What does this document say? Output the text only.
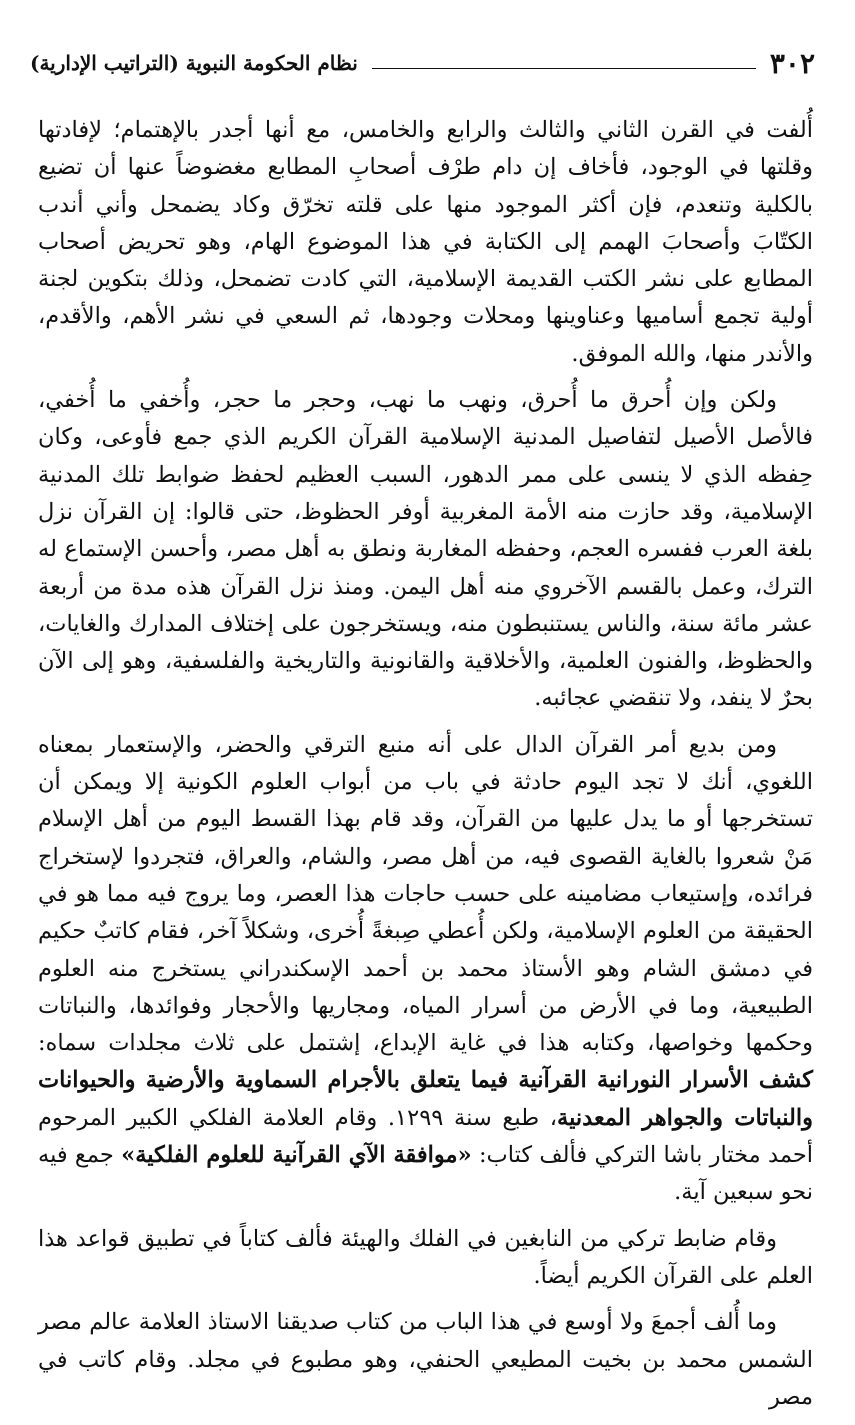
٣٠٢
نظام الحكومة النبوية (التراتيب الإدارية)

أُلفت في القرن الثاني والثالث والرابع والخامس، مع أنها أجدر بالإهتمام؛ لإفادتها وقلتها في الوجود، فأخاف إن دام طرْف أصحابِ المطابع مغضوضاً عنها أن تضيع بالكلية وتنعدم، فإن أكثر الموجود منها على قلته تخرّق وكاد يضمحل وأني أندب الكتّابَ وأصحابَ الهمم إلى الكتابة في هذا الموضوع الهام، وهو تحريض أصحاب المطابع على نشر الكتب القديمة الإسلامية، التي كادت تضمحل، وذلك بتكوين لجنة أولية تجمع أساميها وعناوينها ومحلات وجودها، ثم السعي في نشر الأهم، والأقدم، والأندر منها، والله الموفق.

ولكن وإن أُحرق ما أُحرق، ونهب ما نهب، وحجر ما حجر، وأُخفي ما أُخفي، فالأصل الأصيل لتفاصيل المدنية الإسلامية القرآن الكريم الذي جمع فأوعى، وكان حِفظه الذي لا ينسى على ممر الدهور، السبب العظيم لحفظ ضوابط تلك المدنية الإسلامية، وقد حازت منه الأمة المغربية أوفر الحظوظ، حتى قالوا: إن القرآن نزل بلغة العرب ففسره العجم، وحفظه المغاربة ونطق به أهل مصر، وأحسن الإستماع له الترك، وعمل بالقسم الآخروي منه أهل اليمن. ومنذ نزل القرآن هذه مدة من أربعة عشر مائة سنة، والناس يستنبطون منه، ويستخرجون على إختلاف المدارك والغايات، والحظوظ، والفنون العلمية، والأخلاقية والقانونية والتاريخية والفلسفية، وهو إلى الآن بحرٌ لا ينفد، ولا تنقضي عجائبه.

ومن بديع أمر القرآن الدال على أنه منبع الترقي والحضر، والإستعمار بمعناه اللغوي، أنك لا تجد اليوم حادثة في باب من أبواب العلوم الكونية إلا ويمكن أن تستخرجها أو ما يدل عليها من القرآن، وقد قام بهذا القسط اليوم من أهل الإسلام مَنْ شعروا بالغاية القصوى فيه، من أهل مصر، والشام، والعراق، فتجردوا لإستخراج فرائده، وإستيعاب مضامينه على حسب حاجات هذا العصر، وما يروج فيه مما هو في الحقيقة من العلوم الإسلامية، ولكن أُعطي صِبغةً أُخرى، وشكلاً آخر، فقام كاتبٌ حكيم في دمشق الشام وهو الأستاذ محمد بن أحمد الإسكندراني يستخرج منه العلوم الطبيعية، وما في الأرض من أسرار المياه، ومجاريها والأحجار وفوائدها، والنباتات وحكمها وخواصها، وكتابه هذا في غاية الإبداع، إشتمل على ثلاث مجلدات سماه: كشف الأسرار النورانية القرآنية فيما يتعلق بالأجرام السماوية والأرضية والحيوانات والنباتات والجواهر المعدنية، طبع سنة ١٢٩٩. وقام العلامة الفلكي الكبير المرحوم أحمد مختار باشا التركي فألف كتاب: «موافقة الآي القرآنية للعلوم الفلكية» جمع فيه نحو سبعين آية.

وقام ضابط تركي من النابغين في الفلك والهيئة فألف كتاباً في تطبيق قواعد هذا العلم على القرآن الكريم أيضاً.

وما أُلف أجمعَ ولا أوسع في هذا الباب من كتاب صديقنا الاستاذ العلامة عالم مصر الشمس محمد بن بخيت المطيعي الحنفي، وهو مطبوع في مجلد. وقام كاتب في مصر
